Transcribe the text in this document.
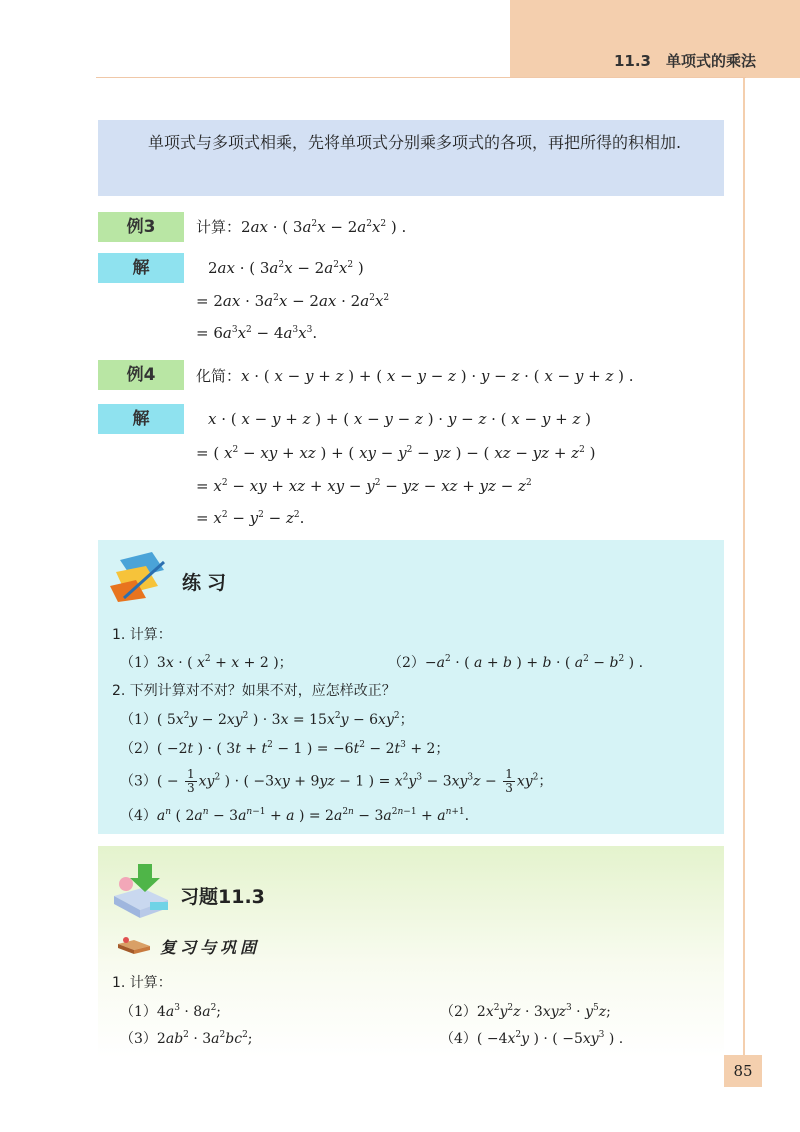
11.3　单项式的乘法
单项式与多项式相乘，先将单项式分别乘多项式的各项，再把所得的积相加.
例3	计算：2ax · ( $3a^2x - 2a^2x^2$ ) .
解	2ax · ( $3a^2x - 2a^2x^2$ )
= $2ax \cdot 3a^2x - 2ax \cdot 2a^2x^2$
= $6a^3x^2 - 4a^3x^3$.
例4	化简：x · ( x − y + z ) + ( x − y − z ) · y − z · ( x − y + z ) .
解	x · ( x − y + z ) + ( x − y − z ) · y − z · ( x − y + z )
= ( $x^2$ − xy + xz ) + ( xy − $y^2$ − yz ) − ( xz − yz + $z^2$ )
= $x^2$ − xy + xz + xy − $y^2$ − yz − xz + yz − $z^2$
= $x^2 - y^2 - z^2$.
练习
1. 计算：
（1）3x · ( $x^2 + x + 2$ )；	$(2)-a^2$ · ( a + b ) + b · ( $a^2 - b^2$ ) .
2. 下列计算对不对？如果不对，应怎样改正？
（1）( $5x^2y - 2xy^2$ ) · $3x = 15x^2y - 6xy^2$；
（2）( −2t ) · ( $3t + t^2 - 1$ ) = $-6t^2 - 2t^3 + 2$；
$(3)( - \frac{1}{3} xy^2$ ) · ( −3xy + 9yz − 1 ) = $x^2y^3 - 3xy^3z - \frac{1}{3} xy^2$；
$(4)a^n$ ( $2a^n - 3a^{n-1} + a$ ) = $2a^{2n} - 3a^{2n-1} + a^{n+1}$.
习题11.3
复习与巩固
1. 计算：
$(1)4a^3 \cdot 8a^2$;	$(2)2x^2y^2z \cdot 3xyz^3 \cdot y^5z$;
$(3)2ab^2 \cdot 3a^2bc^2$;	$(4)( -4x^2y$ ) · ( $-5xy^3$ ) .
85
